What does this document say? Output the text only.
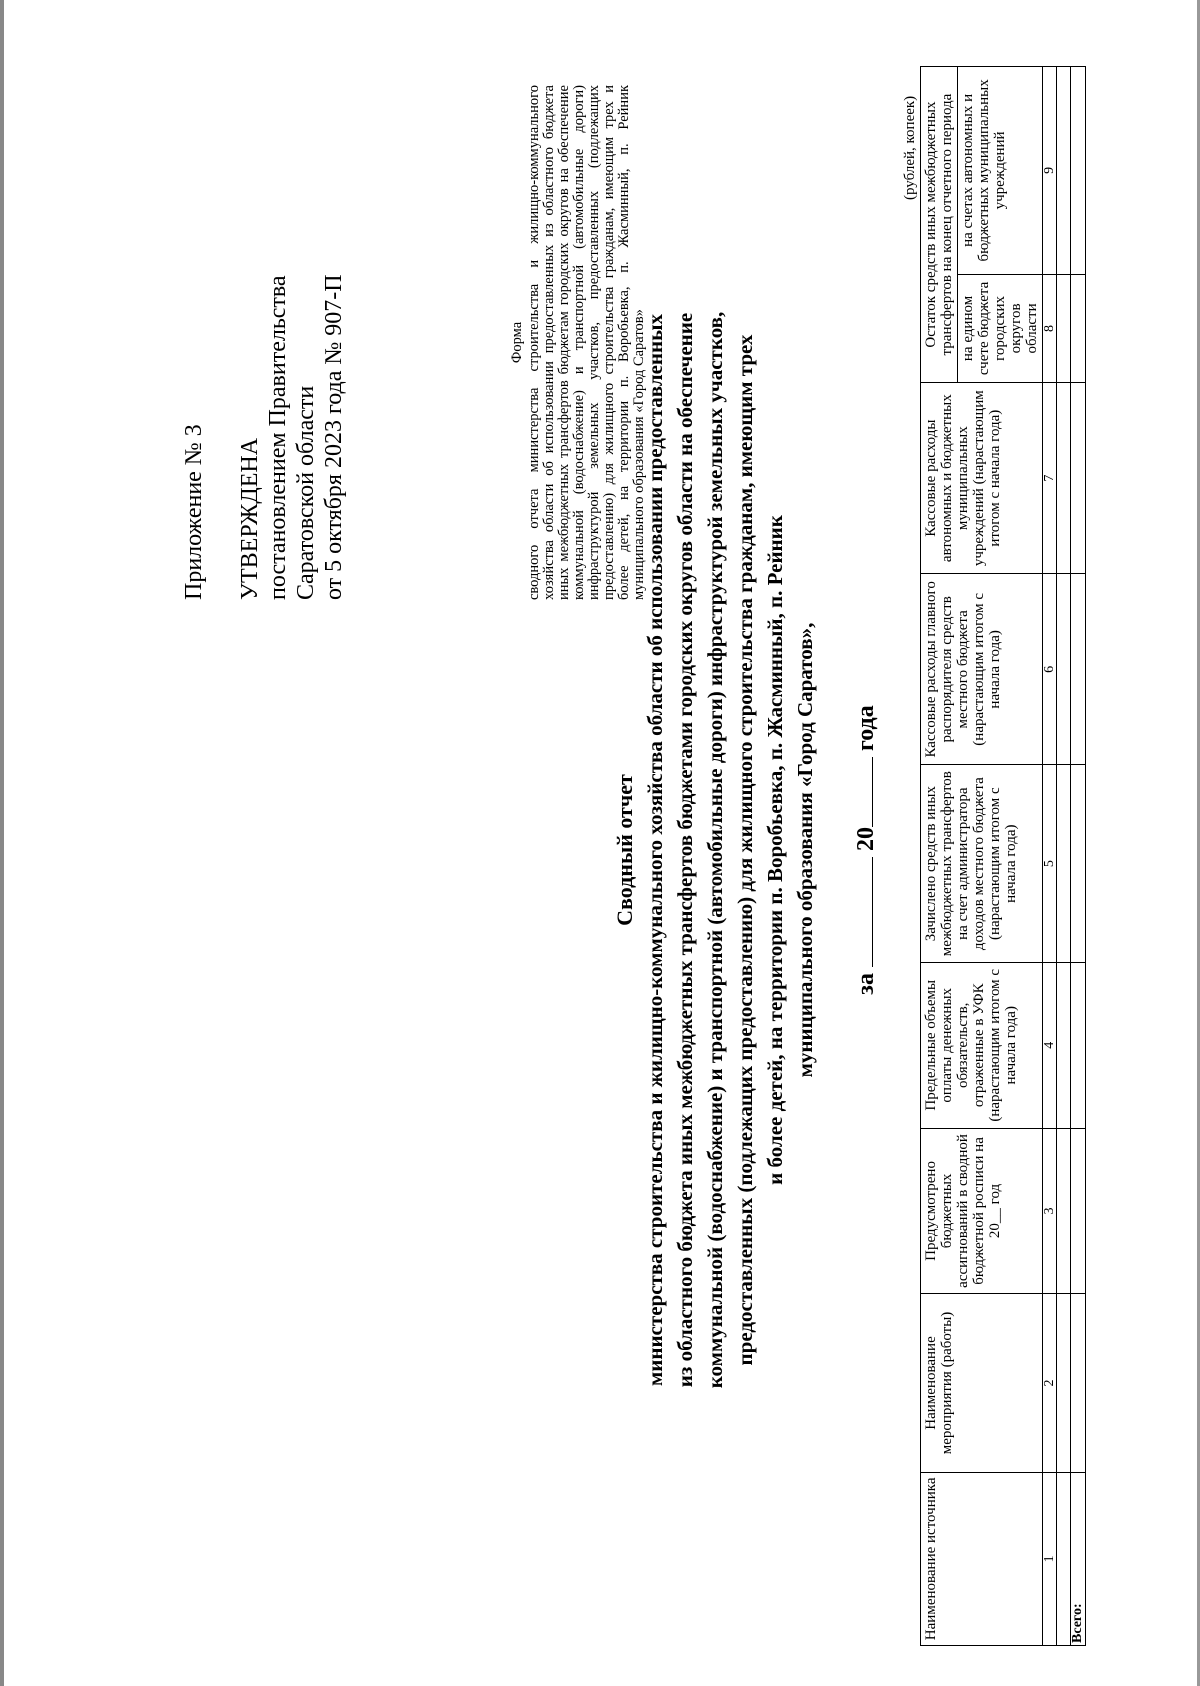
Приложение № 3 УТВЕРЖДЕНА постановлением Правительства Саратовской области от 5 октября 2023 года № 907-П	Форма сводного отчета министерства строительства и жилищно-коммунального хозяйства области об использовании предоставленных из областного бюджета иных межбюджетных трансфертов бюджетам городских округов на обеспечение коммунальной (водоснабжение) и транспортной (автомобильные дороги) инфраструктурой земельных участков, предоставленных (подлежащих предоставлению) для жилищного строительства гражданам, имеющим трех и более детей, на территории п. Воробьевка, п. Жасминный, п. Рейник муниципального образования «Город Саратов»
Сводный отчет министерства строительства и жилищно-коммунального хозяйства области об использовании предоставленных из областного бюджета иных межбюджетных трансфертов бюджетами городских округов области на обеспечение коммунальной (водоснабжение) и транспортной (автомобильные дороги) инфраструктурой земельных участков, предоставленных (подлежащих предоставлению) для жилищного строительства гражданам, имеющим трех и более детей, на территории п. Воробьевка, п. Жасминный, п. Рейник муниципального образования «Город Саратов», за  20 года
(рублей, копеек)
Наименование источника	Наименование мероприятия (работы)	Предусмотрено бюджетных ассигнований в сводной бюджетной росписи на 20__ год	Предельные объемы оплаты денежных обязательств, отраженные в УФК (нарастающим итогом с начала года)	Зачислено средств иных межбюджетных трансфертов на счет администратора доходов местного бюджета (нарастающим итогом с начала года)	Кассовые расходы главного распорядителя средств местного бюджета (нарастающим итогом с начала года)	Кассовые расходы автономных и бюджетных муниципальных учреждений (нарастающим итогом с начала года)	Остаток средств иных межбюджетных трансфертов на конец отчетного периода	
							на едином счете бюджета городских округов области	на счетах автономных и бюджетных муниципальных учреждений
1	2	3	4	5	6	7	8	9

Всего:								
